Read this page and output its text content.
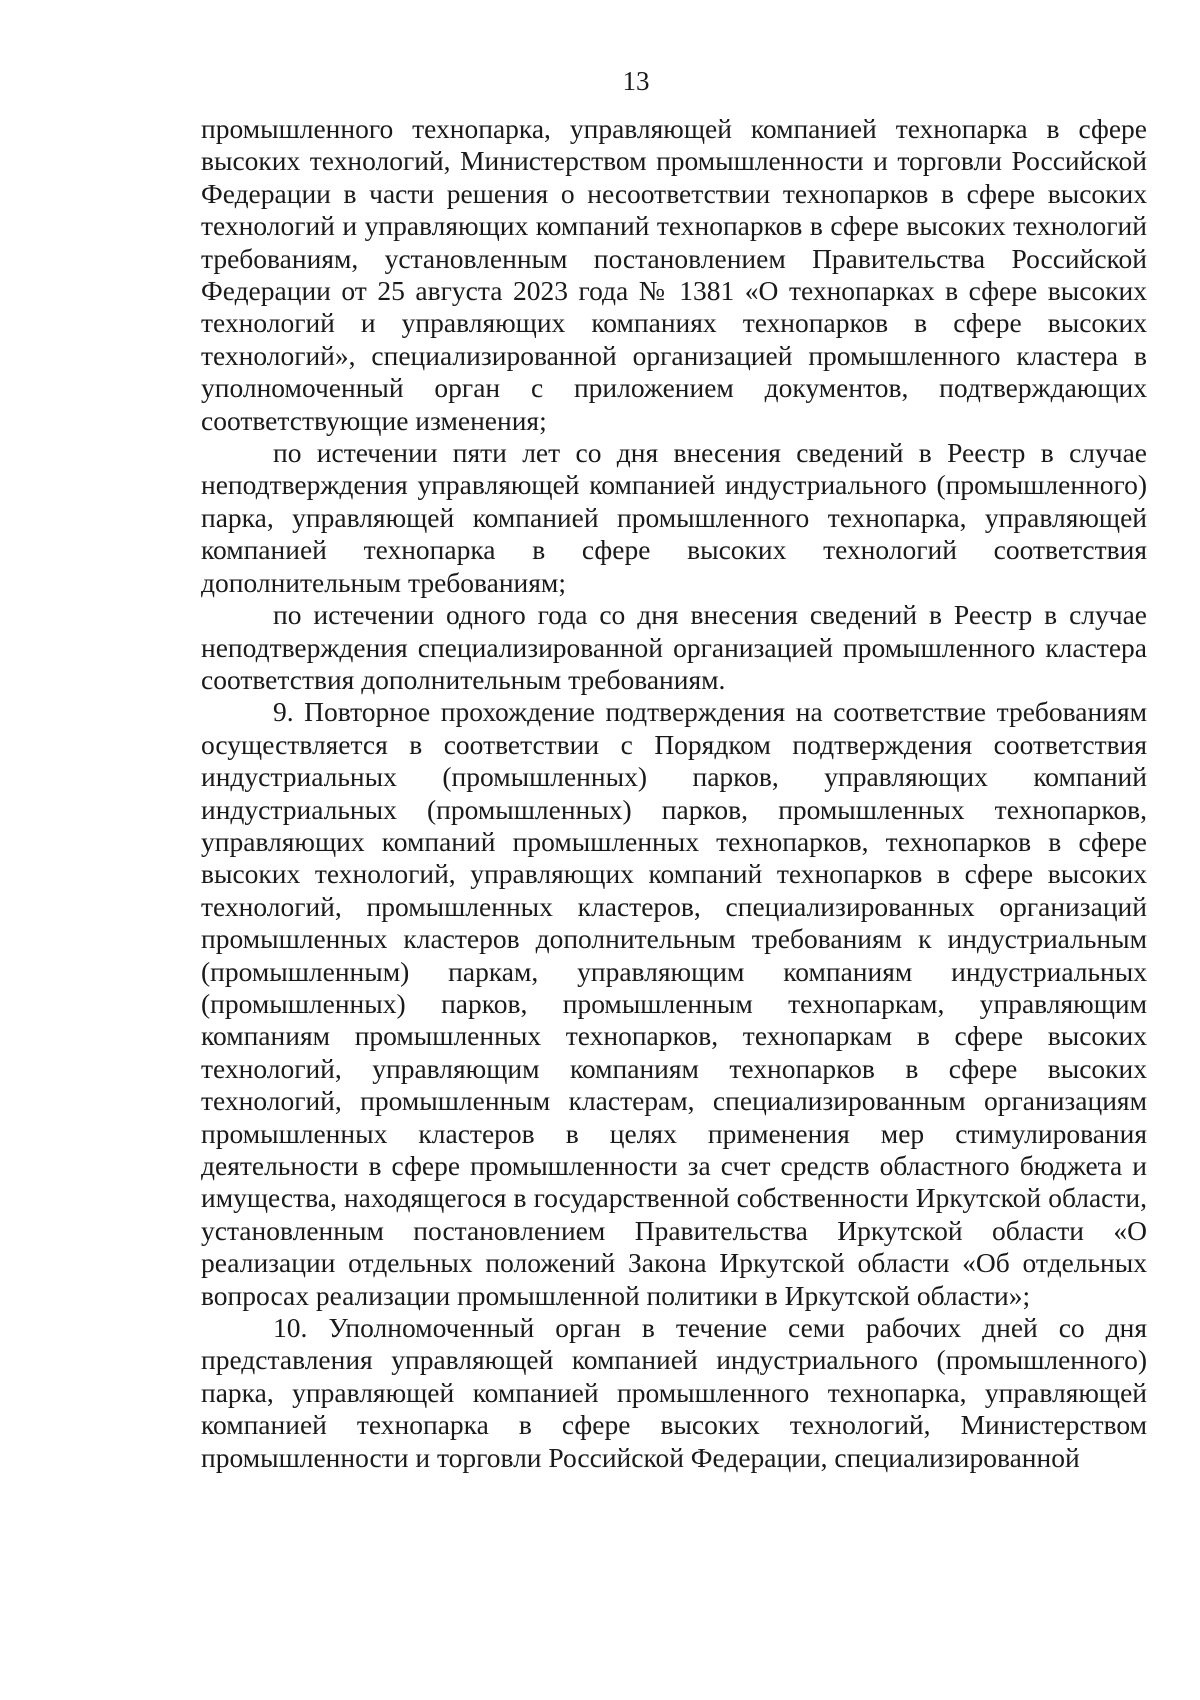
13

промышленного технопарка, управляющей компанией технопарка в сфере высоких технологий, Министерством промышленности и торговли Российской Федерации в части решения о несоответствии технопарков в сфере высоких технологий и управляющих компаний технопарков в сфере высоких технологий требованиям, установленным постановлением Правительства Российской Федерации от 25 августа 2023 года № 1381 «О технопарках в сфере высоких технологий и управляющих компаниях технопарков в сфере высоких технологий», специализированной организацией промышленного кластера в уполномоченный орган с приложением документов, подтверждающих соответствующие изменения;

по истечении пяти лет со дня внесения сведений в Реестр в случае неподтверждения управляющей компанией индустриального (промышленного) парка, управляющей компанией промышленного технопарка, управляющей компанией технопарка в сфере высоких технологий соответствия дополнительным требованиям;

по истечении одного года со дня внесения сведений в Реестр в случае неподтверждения специализированной организацией промышленного кластера соответствия дополнительным требованиям.

9. Повторное прохождение подтверждения на соответствие требованиям осуществляется в соответствии с Порядком подтверждения соответствия индустриальных (промышленных) парков, управляющих компаний индустриальных (промышленных) парков, промышленных технопарков, управляющих компаний промышленных технопарков, технопарков в сфере высоких технологий, управляющих компаний технопарков в сфере высоких технологий, промышленных кластеров, специализированных организаций промышленных кластеров дополнительным требованиям к индустриальным (промышленным) паркам, управляющим компаниям индустриальных (промышленных) парков, промышленным технопаркам, управляющим компаниям промышленных технопарков, технопаркам в сфере высоких технологий, управляющим компаниям технопарков в сфере высоких технологий, промышленным кластерам, специализированным организациям промышленных кластеров в целях применения мер стимулирования деятельности в сфере промышленности за счет средств областного бюджета и имущества, находящегося в государственной собственности Иркутской области, установленным постановлением Правительства Иркутской области «О реализации отдельных положений Закона Иркутской области «Об отдельных вопросах реализации промышленной политики в Иркутской области»;

10. Уполномоченный орган в течение семи рабочих дней со дня представления управляющей компанией индустриального (промышленного) парка, управляющей компанией промышленного технопарка, управляющей компанией технопарка в сфере высоких технологий, Министерством промышленности и торговли Российской Федерации, специализированной
